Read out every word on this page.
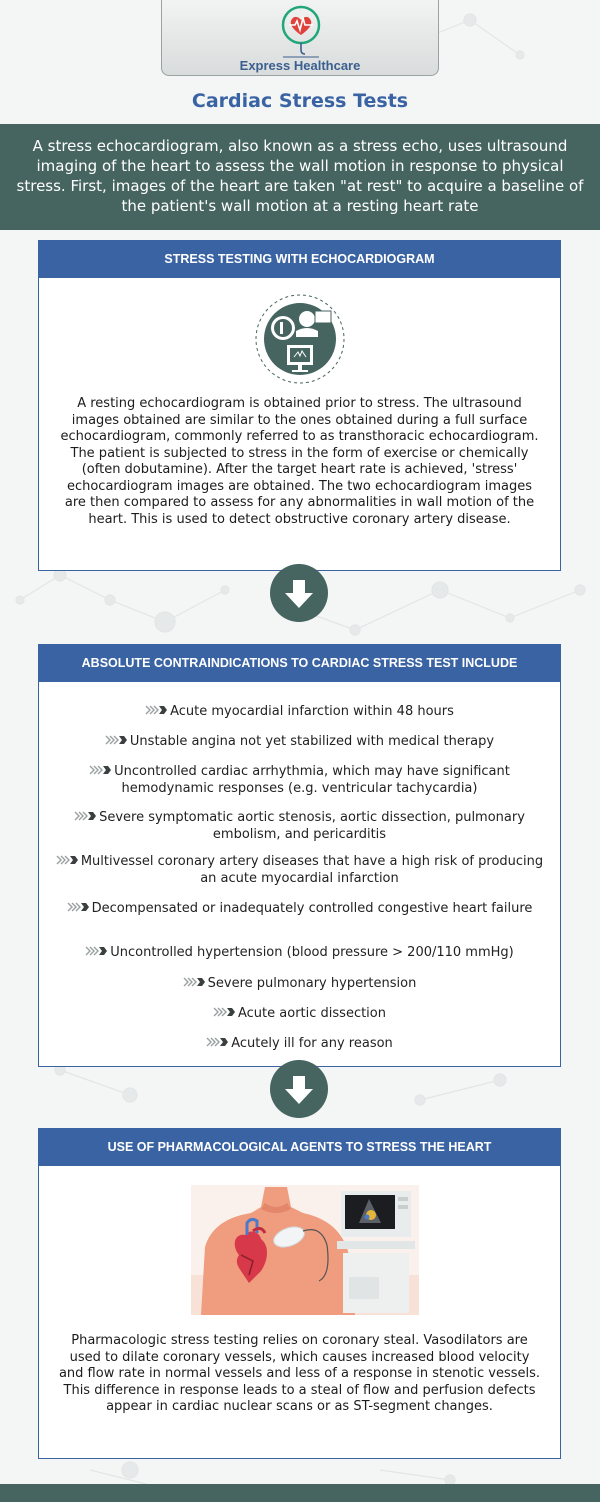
Express Healthcare
Cardiac Stress Tests
A stress echocardiogram, also known as a stress echo, uses ultrasound imaging of the heart to assess the wall motion in response to physical stress. First, images of the heart are taken "at rest" to acquire a baseline of the patient's wall motion at a resting heart rate
STRESS TESTING WITH ECHOCARDIOGRAM
A resting echocardiogram is obtained prior to stress. The ultrasound images obtained are similar to the ones obtained during a full surface echocardiogram, commonly referred to as transthoracic echocardiogram. The patient is subjected to stress in the form of exercise or chemically (often dobutamine). After the target heart rate is achieved, 'stress' echocardiogram images are obtained. The two echocardiogram images are then compared to assess for any abnormalities in wall motion of the heart. This is used to detect obstructive coronary artery disease.
ABSOLUTE CONTRAINDICATIONS TO CARDIAC STRESS TEST INCLUDE
Acute myocardial infarction within 48 hours
Unstable angina not yet stabilized with medical therapy
Uncontrolled cardiac arrhythmia, which may have significant hemodynamic responses (e.g. ventricular tachycardia)
Severe symptomatic aortic stenosis, aortic dissection, pulmonary embolism, and pericarditis
Multivessel coronary artery diseases that have a high risk of producing an acute myocardial infarction
Decompensated or inadequately controlled congestive heart failure
Uncontrolled hypertension (blood pressure > 200/110 mmHg)
Severe pulmonary hypertension
Acute aortic dissection
Acutely ill for any reason
USE OF PHARMACOLOGICAL AGENTS TO STRESS THE HEART
Pharmacologic stress testing relies on coronary steal. Vasodilators are used to dilate coronary vessels, which causes increased blood velocity and flow rate in normal vessels and less of a response in stenotic vessels. This difference in response leads to a steal of flow and perfusion defects appear in cardiac nuclear scans or as ST-segment changes.
